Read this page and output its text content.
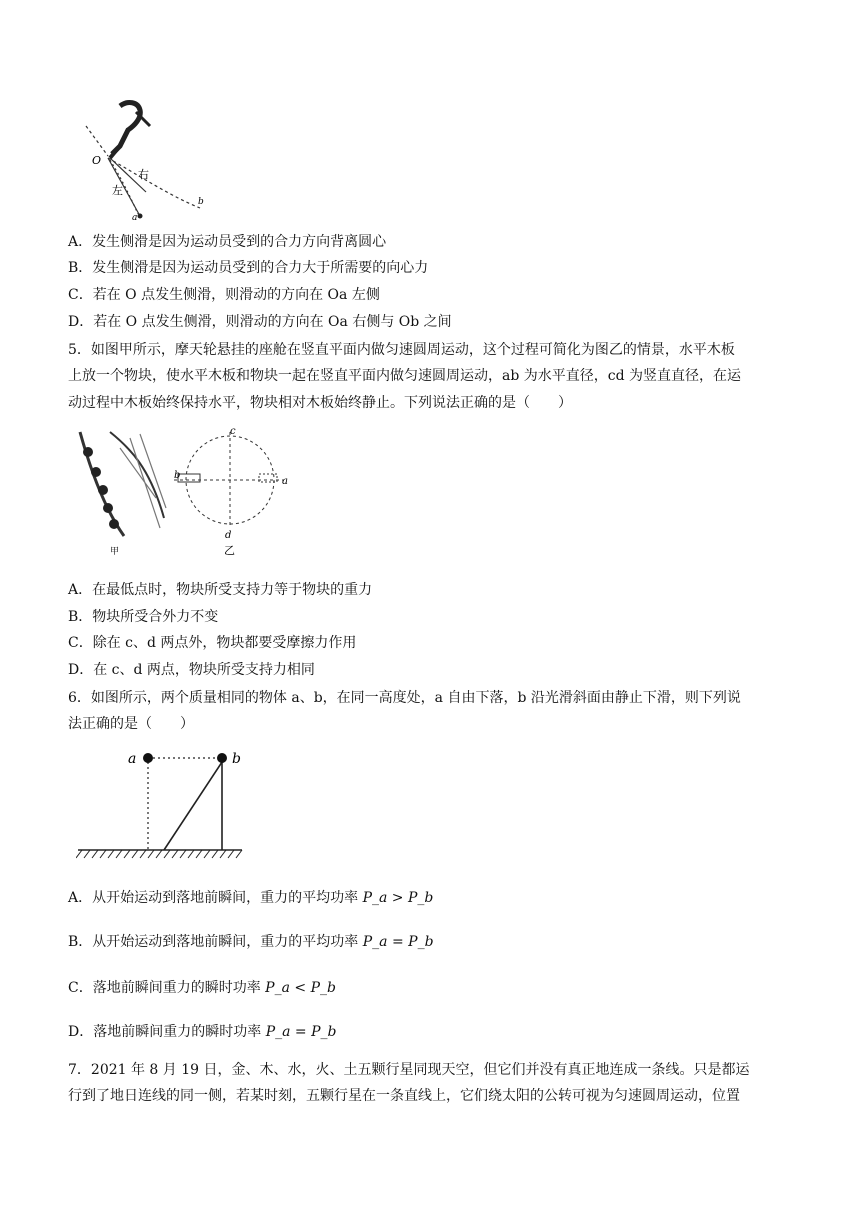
O
右
左
a
b
A．发生侧滑是因为运动员受到的合力方向背离圆心
B．发生侧滑是因为运动员受到的合力大于所需要的向心力
C．若在 O 点发生侧滑，则滑动的方向在 Oa 左侧
D．若在 O 点发生侧滑，则滑动的方向在 Oa 右侧与 Ob 之间
5．如图甲所示，摩天轮悬挂的座舱在竖直平面内做匀速圆周运动，这个过程可简化为图乙的情景，水平木板
上放一个物块，使水平木板和物块一起在竖直平面内做匀速圆周运动，ab 为水平直径，cd 为竖直直径，在运
动过程中木板始终保持水平，物块相对木板始终静止。下列说法正确的是（　　）
甲
c
b
a
d
乙
A．在最低点时，物块所受支持力等于物块的重力
B．物块所受合外力不变
C．除在 c、d 两点外，物块都要受摩擦力作用
D．在 c、d 两点，物块所受支持力相同
6．如图所示，两个质量相同的物体 a、b，在同一高度处，a 自由下落，b 沿光滑斜面由静止下滑，则下列说
法正确的是（　　）
a	b
A．从开始运动到落地前瞬间，重力的平均功率 P_a > P_b
B．从开始运动到落地前瞬间，重力的平均功率 P_a = P_b
C．落地前瞬间重力的瞬时功率 P_a < P_b
D．落地前瞬间重力的瞬时功率 P_a = P_b
7．2021 年 8 月 19 日，金、木、水，火、土五颗行星同现天空，但它们并没有真正地连成一条线。只是都运
行到了地日连线的同一侧，若某时刻，五颗行星在一条直线上，它们绕太阳的公转可视为匀速圆周运动，位置
